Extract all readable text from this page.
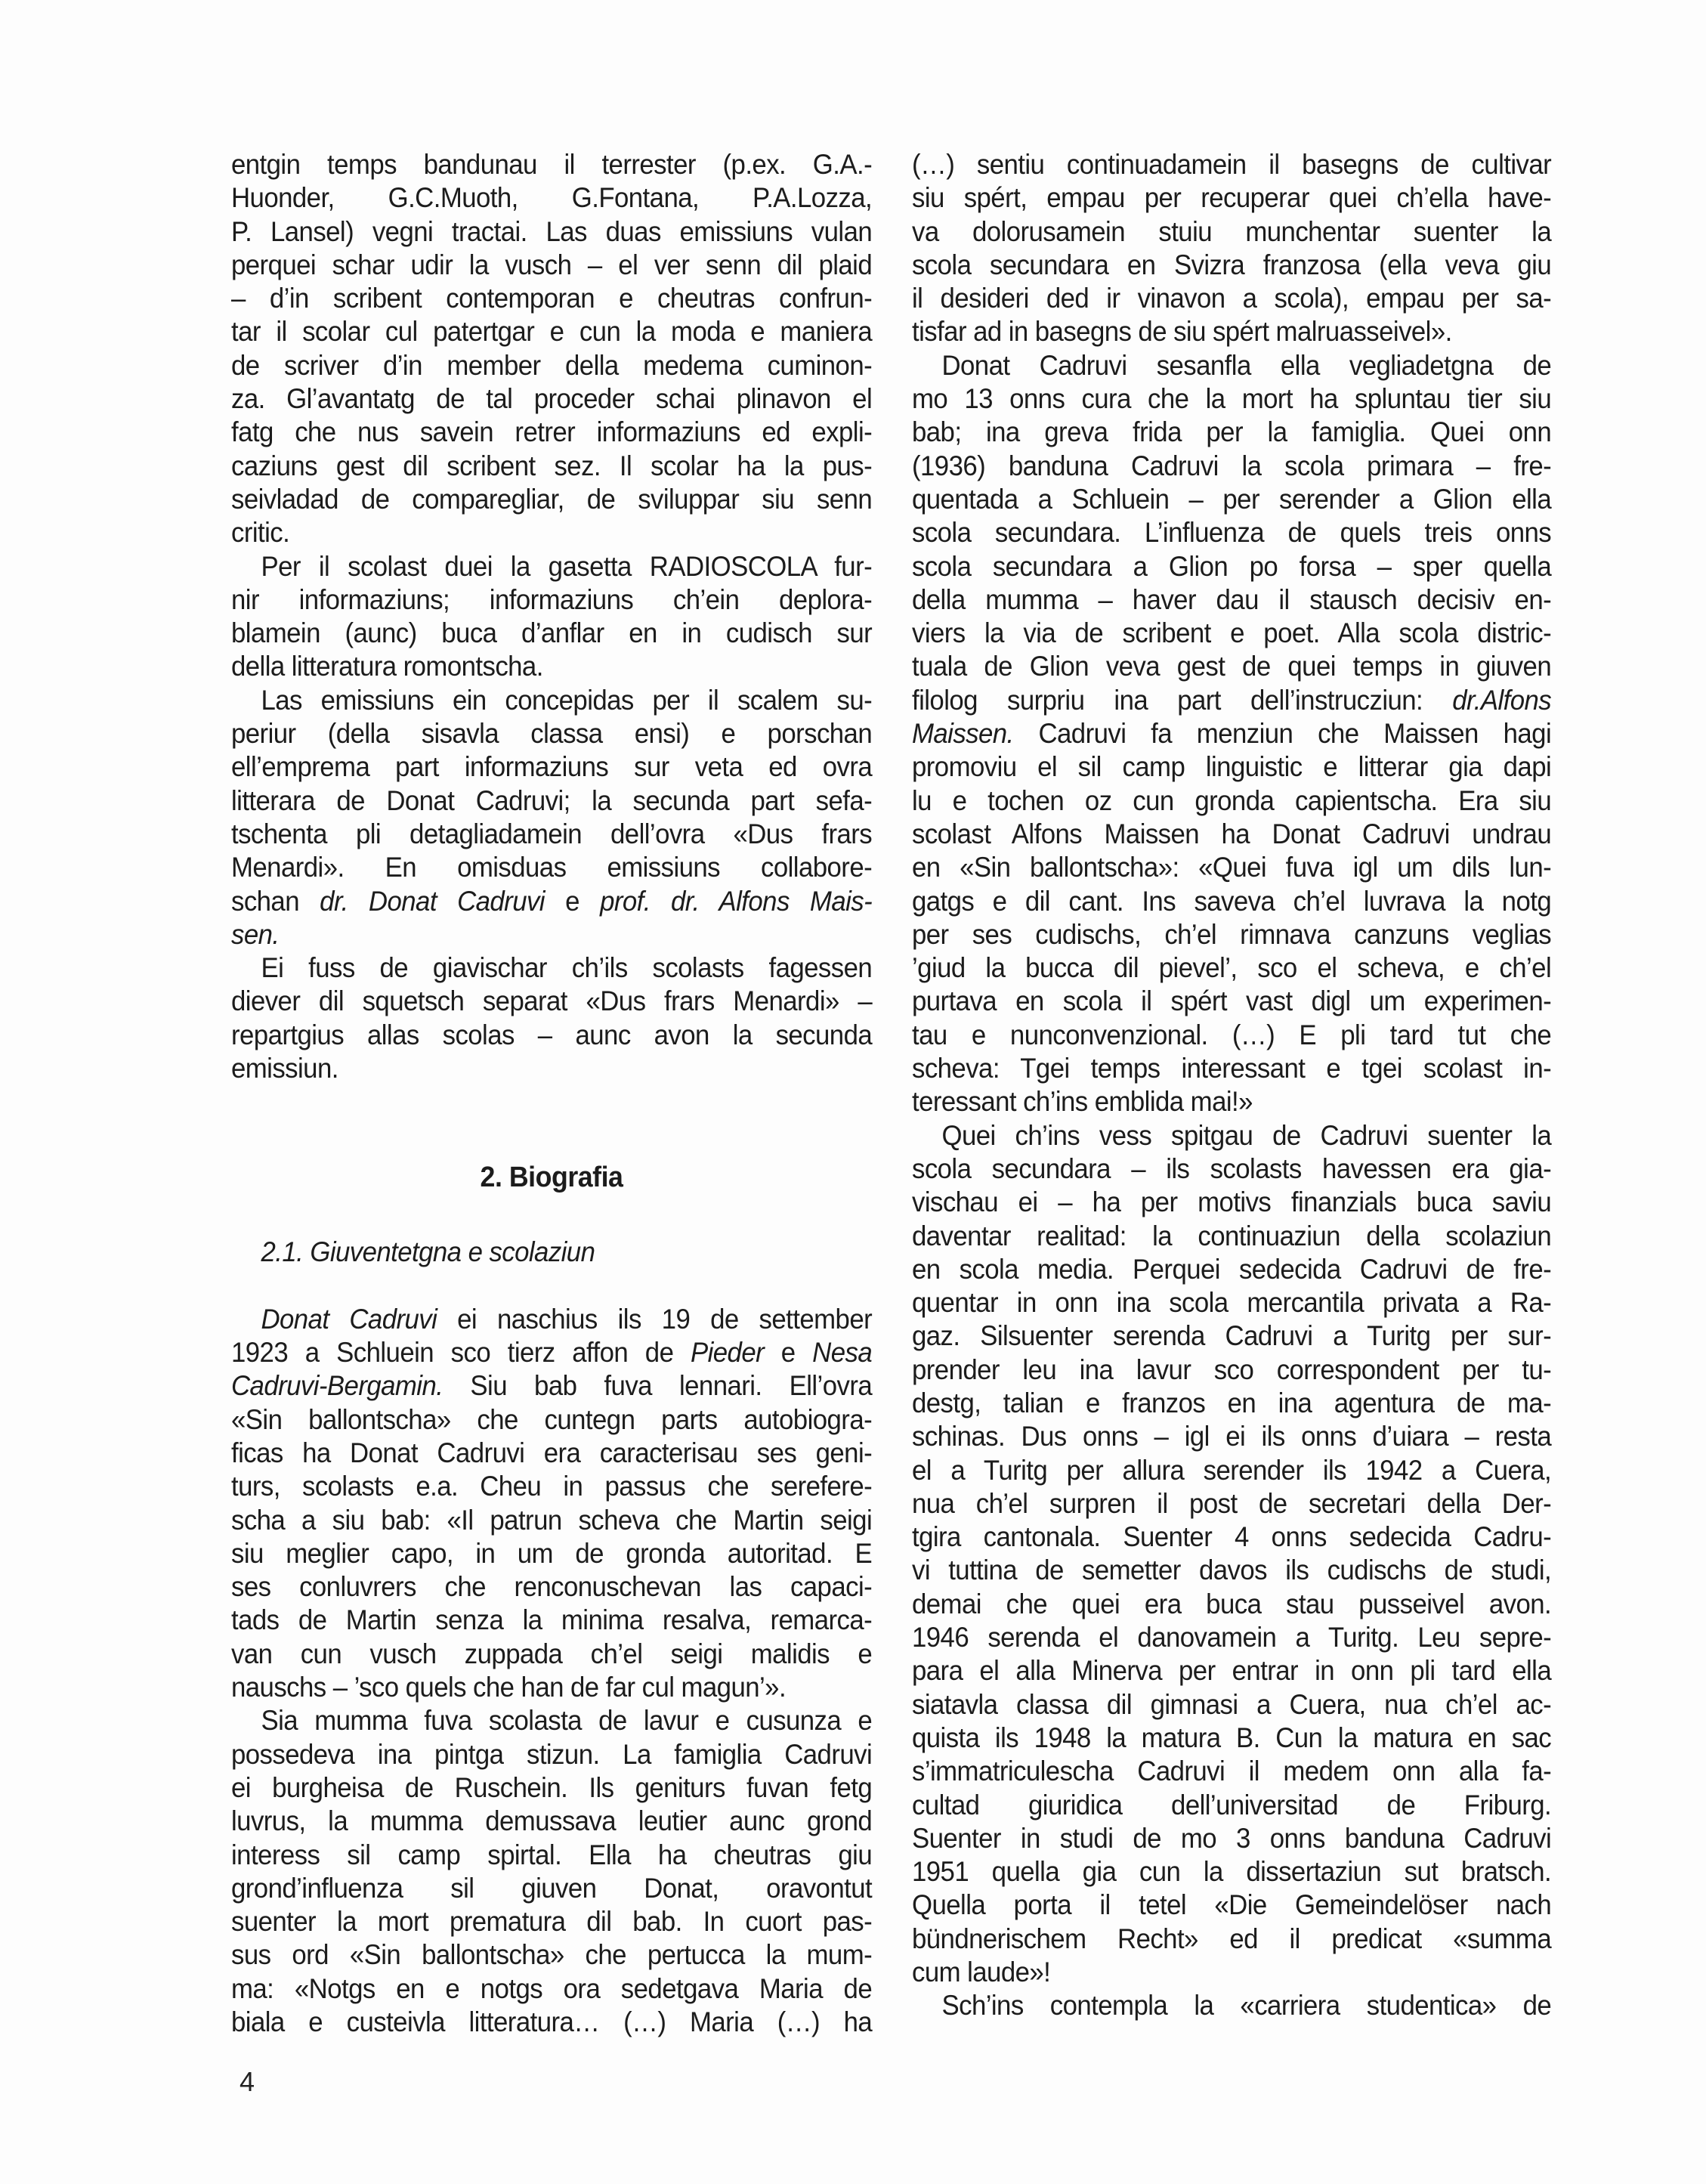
entgin temps bandunau il terrester (p.ex. G.A.-
Huonder, G.C.Muoth, G.Fontana, P.A.Lozza,
P. Lansel) vegni tractai. Las duas emissiuns vulan
perquei schar udir la vusch – el ver senn dil plaid
– d’in scribent contemporan e cheutras confrun-
tar il scolar cul patertgar e cun la moda e maniera
de scriver d’in member della medema cuminon-
za. Gl’avantatg de tal proceder schai plinavon el
fatg che nus savein retrer informaziuns ed expli-
caziuns gest dil scribent sez. Il scolar ha la pus-
seivladad de comparegliar, de sviluppar siu senn
critic.
Per il scolast duei la gasetta RADIOSCOLA fur-
nir informaziuns; informaziuns ch’ein deplora-
blamein (aunc) buca d’anflar en in cudisch sur
della litteratura romontscha.
Las emissiuns ein concepidas per il scalem su-
periur (della sisavla classa ensi) e porschan
ell’emprema part informaziuns sur veta ed ovra
litterara de Donat Cadruvi; la secunda part sefa-
tschenta pli detagliadamein dell’ovra «Dus frars
Menardi». En omisduas emissiuns collabore-
schan dr. Donat Cadruvi e prof. dr. Alfons Mais-
sen.
Ei fuss de giavischar ch’ils scolasts fagessen
diever dil squetsch separat «Dus frars Menardi» –
repartgius allas scolas – aunc avon la secunda
emissiun.
2. Biografia
2.1. Giuventetgna e scolaziun
Donat Cadruvi ei naschius ils 19 de settember
1923 a Schluein sco tierz affon de Pieder e Nesa
Cadruvi-Bergamin. Siu bab fuva lennari. Ell’ovra
«Sin ballontscha» che cuntegn parts autobiogra-
ficas ha Donat Cadruvi era caracterisau ses geni-
turs, scolasts e.a. Cheu in passus che serefere-
scha a siu bab: «Il patrun scheva che Martin seigi
siu meglier capo, in um de gronda autoritad. E
ses conluvrers che renconuschevan las capaci-
tads de Martin senza la minima resalva, remarca-
van cun vusch zuppada ch’el seigi malidis e
nauschs – ’sco quels che han de far cul magun’».
Sia mumma fuva scolasta de lavur e cusunza e
possedeva ina pintga stizun. La famiglia Cadruvi
ei burgheisa de Ruschein. Ils geniturs fuvan fetg
luvrus, la mumma demussava leutier aunc grond
interess sil camp spirtal. Ella ha cheutras giu
grond’influenza sil giuven Donat, oravontut
suenter la mort prematura dil bab. In cuort pas-
sus ord «Sin ballontscha» che pertucca la mum-
ma: «Notgs en e notgs ora sedetgava Maria de
biala e custeivla litteratura… (…) Maria (…) ha
(…) sentiu continuadamein il basegns de cultivar
siu spért, empau per recuperar quei ch’ella have-
va dolorusamein stuiu munchentar suenter la
scola secundara en Svizra franzosa (ella veva giu
il desideri ded ir vinavon a scola), empau per sa-
tisfar ad in basegns de siu spért malruasseivel».
Donat Cadruvi sesanfla ella vegliadetgna de
mo 13 onns cura che la mort ha spluntau tier siu
bab; ina greva frida per la famiglia. Quei onn
(1936) banduna Cadruvi la scola primara – fre-
quentada a Schluein – per serender a Glion ella
scola secundara. L’influenza de quels treis onns
scola secundara a Glion po forsa – sper quella
della mumma – haver dau il stausch decisiv en-
viers la via de scribent e poet. Alla scola distric-
tuala de Glion veva gest de quei temps in giuven
filolog surpriu ina part dell’instrucziun: dr.Alfons
Maissen. Cadruvi fa menziun che Maissen hagi
promoviu el sil camp linguistic e litterar gia dapi
lu e tochen oz cun gronda capientscha. Era siu
scolast Alfons Maissen ha Donat Cadruvi undrau
en «Sin ballontscha»: «Quei fuva igl um dils lun-
gatgs e dil cant. Ins saveva ch’el luvrava la notg
per ses cudischs, ch’el rimnava canzuns veglias
’giud la bucca dil pievel’, sco el scheva, e ch’el
purtava en scola il spért vast digl um experimen-
tau e nunconvenzional. (…) E pli tard tut che
scheva: Tgei temps interessant e tgei scolast in-
teressant ch’ins emblida mai!»
Quei ch’ins vess spitgau de Cadruvi suenter la
scola secundara – ils scolasts havessen era gia-
vischau ei – ha per motivs finanzials buca saviu
daventar realitad: la continuaziun della scolaziun
en scola media. Perquei sedecida Cadruvi de fre-
quentar in onn ina scola mercantila privata a Ra-
gaz. Silsuenter serenda Cadruvi a Turitg per sur-
prender leu ina lavur sco correspondent per tu-
destg, talian e franzos en ina agentura de ma-
schinas. Dus onns – igl ei ils onns d’uiara – resta
el a Turitg per allura serender ils 1942 a Cuera,
nua ch’el surpren il post de secretari della Der-
tgira cantonala. Suenter 4 onns sedecida Cadru-
vi tuttina de semetter davos ils cudischs de studi,
demai che quei era buca stau pusseivel avon.
1946 serenda el danovamein a Turitg. Leu sepre-
para el alla Minerva per entrar in onn pli tard ella
siatavla classa dil gimnasi a Cuera, nua ch’el ac-
quista ils 1948 la matura B. Cun la matura en sac
s’immatriculescha Cadruvi il medem onn alla fa-
cultad giuridica dell’universitad de Friburg.
Suenter in studi de mo 3 onns banduna Cadruvi
1951 quella gia cun la dissertaziun sut bratsch.
Quella porta il tetel «Die Gemeindelöser nach
bündnerischem Recht» ed il predicat «summa
cum laude»!
Sch’ins contempla la «carriera studentica» de
4
